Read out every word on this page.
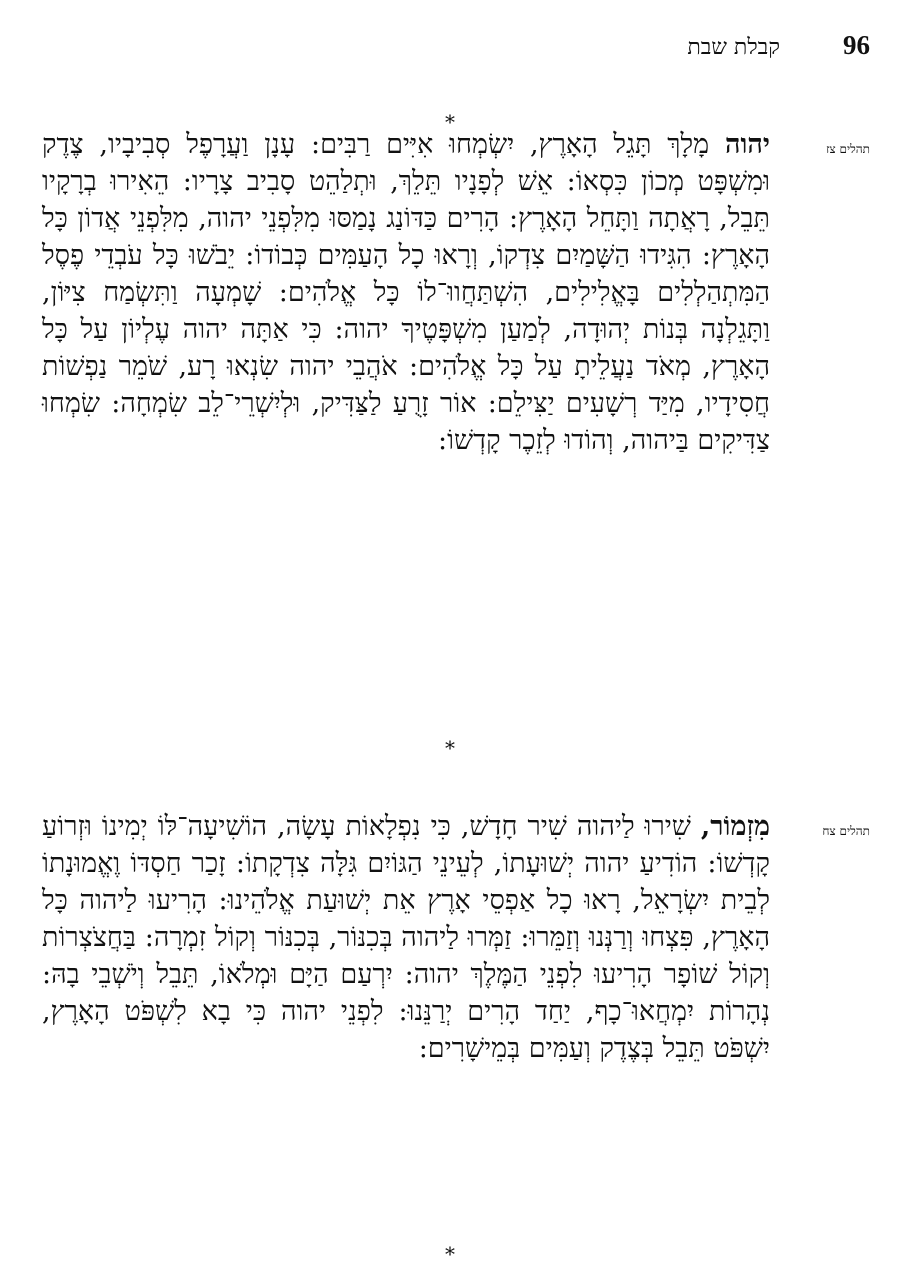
96
קבלת שבת
*
תהלים צז
יהוה מָלָךְ תָּגֵל הָאָרֶץ, יִשְׂמְחוּ אִיִּים רַבִּים: עָנָן וַעֲרָפֶל סְבִיבָיו, צֶדֶק וּמִשְׁפָּט מְכוֹן כִּסְאוֹ: אֵשׁ לְפָנָיו תֵּלֵךְ, וּתְלַהֵט סָבִיב צָרָיו: הֵאִירוּ בְרָקָיו תֵּבֵל, רָאֲתָה וַתָּחֵל הָאָרֶץ: הָרִים כַּדּוֹנַג נָמַסּוּ מִלִּפְנֵי יהוה, מִלִּפְנֵי אֲדוֹן כָּל הָאָרֶץ: הִגִּידוּ הַשָּׁמַיִם צִדְקוֹ, וְרָאוּ כָל הָעַמִּים כְּבוֹדוֹ: יֵבֹשׁוּ כָּל עֹבְדֵי פֶסֶל הַמִּתְהַלְלִים בָּאֱלִילִים, הִשְׁתַּחֲווּ־לוֹ כָּל אֱלֹהִים: שָׁמְעָה וַתִּשְׂמַח צִיּוֹן, וַתָּגֵלְנָה בְּנוֹת יְהוּדָה, לְמַעַן מִשְׁפָּטֶיךָ יהוה: כִּי אַתָּה יהוה עֶלְיוֹן עַל כָּל הָאָרֶץ, מְאֹד נַעֲלֵיתָ עַל כָּל אֱלֹהִים: אֹהֲבֵי יהוה שִׂנְאוּ רָע, שֹׁמֵר נַפְשׁוֹת חֲסִידָיו, מִיַּד רְשָׁעִים יַצִּילֵם: אוֹר זָרֻעַ לַצַּדִּיק, וּלְיִשְׁרֵי־לֵב שִׂמְחָה: שִׂמְחוּ צַדִּיקִים בַּיהוה, וְהוֹדוּ לְזֵכֶר קָדְשׁוֹ:
*
תהלים צח
מִזְמוֹר, שִׁירוּ לַיהוה שִׁיר חָדָשׁ, כִּי נִפְלָאוֹת עָשָׂה, הוֹשִׁיעָה־לּוֹ יְמִינוֹ וּזְרוֹעַ קָדְשׁוֹ: הוֹדִיעַ יהוה יְשׁוּעָתוֹ, לְעֵינֵי הַגּוֹיִם גִּלָּה צִדְקָתוֹ: זָכַר חַסְדּוֹ וֶאֱמוּנָתוֹ לְבֵית יִשְׂרָאֵל, רָאוּ כָל אַפְסֵי אָרֶץ אֵת יְשׁוּעַת אֱלֹהֵינוּ: הָרִיעוּ לַיהוה כָּל הָאָרֶץ, פִּצְחוּ וְרַנְּנוּ וְזַמֵּרוּ: זַמְּרוּ לַיהוה בְּכִנּוֹר, בְּכִנּוֹר וְקוֹל זִמְרָה: בַּחֲצֹצְרוֹת וְקוֹל שׁוֹפָר הָרִיעוּ לִפְנֵי הַמֶּלֶךְ יהוה: יִרְעַם הַיָּם וּמְלֹאוֹ, תֵּבֵל וְיֹשְׁבֵי בָהּ: נְהָרוֹת יִמְחֲאוּ־כָף, יַחַד הָרִים יְרַנֵּנוּ: לִפְנֵי יהוה כִּי בָא לִשְׁפֹּט הָאָרֶץ, יִשְׁפֹּט תֵּבֵל בְּצֶדֶק וְעַמִּים בְּמֵישָׁרִים:
*
